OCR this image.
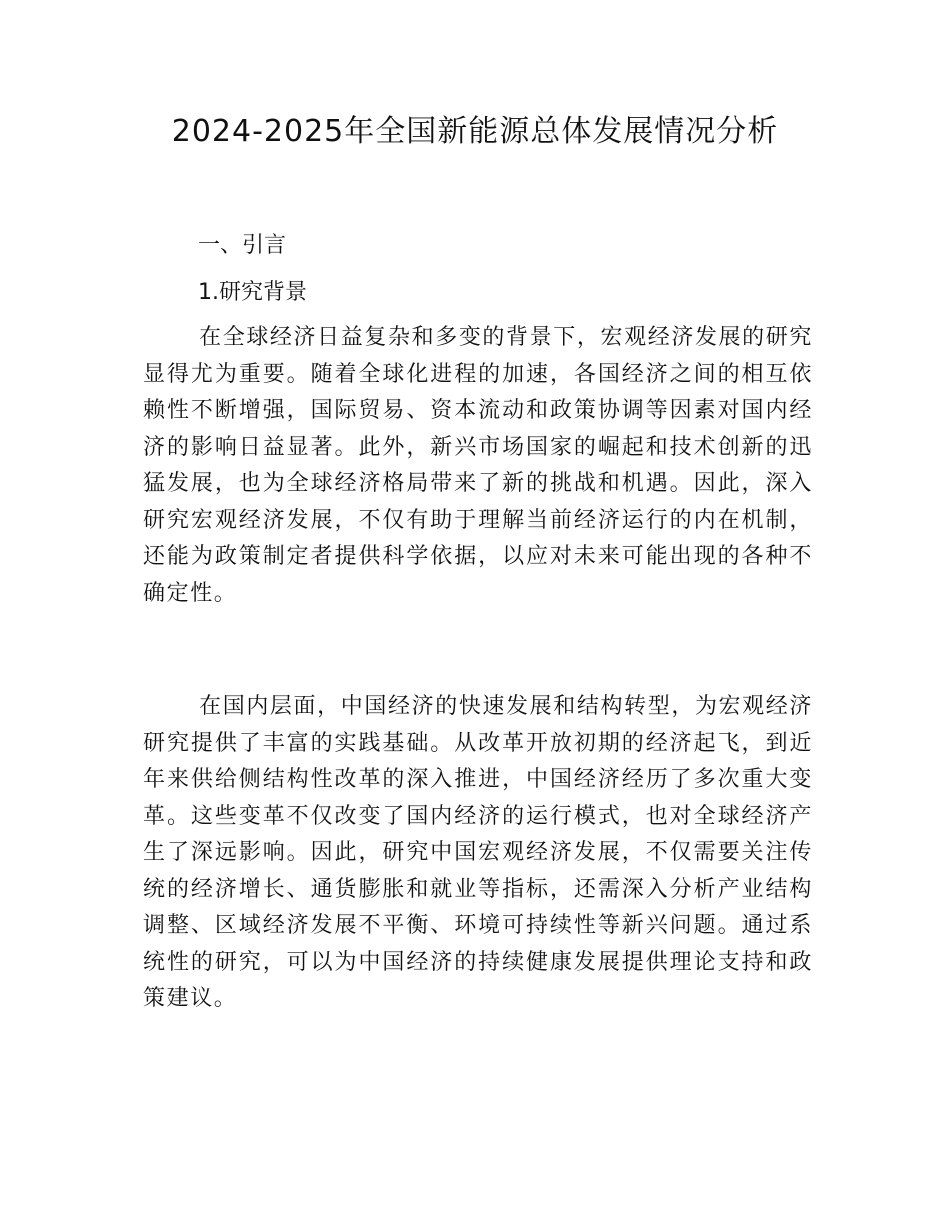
2024-2025年全国新能源总体发展情况分析
一、引言
1.研究背景

在全球经济日益复杂和多变的背景下，宏观经济发展的研究显得尤为重要。随着全球化进程的加速，各国经济之间的相互依赖性不断增强，国际贸易、资本流动和政策协调等因素对国内经济的影响日益显著。此外，新兴市场国家的崛起和技术创新的迅猛发展，也为全球经济格局带来了新的挑战和机遇。因此，深入研究宏观经济发展，不仅有助于理解当前经济运行的内在机制，还能为政策制定者提供科学依据，以应对未来可能出现的各种不确定性。

在国内层面，中国经济的快速发展和结构转型，为宏观经济研究提供了丰富的实践基础。从改革开放初期的经济起飞，到近年来供给侧结构性改革的深入推进，中国经济经历了多次重大变革。这些变革不仅改变了国内经济的运行模式，也对全球经济产生了深远影响。因此，研究中国宏观经济发展，不仅需要关注传统的经济增长、通货膨胀和就业等指标，还需深入分析产业结构调整、区域经济发展不平衡、环境可持续性等新兴问题。通过系统性的研究，可以为中国经济的持续健康发展提供理论支持和政策建议。
